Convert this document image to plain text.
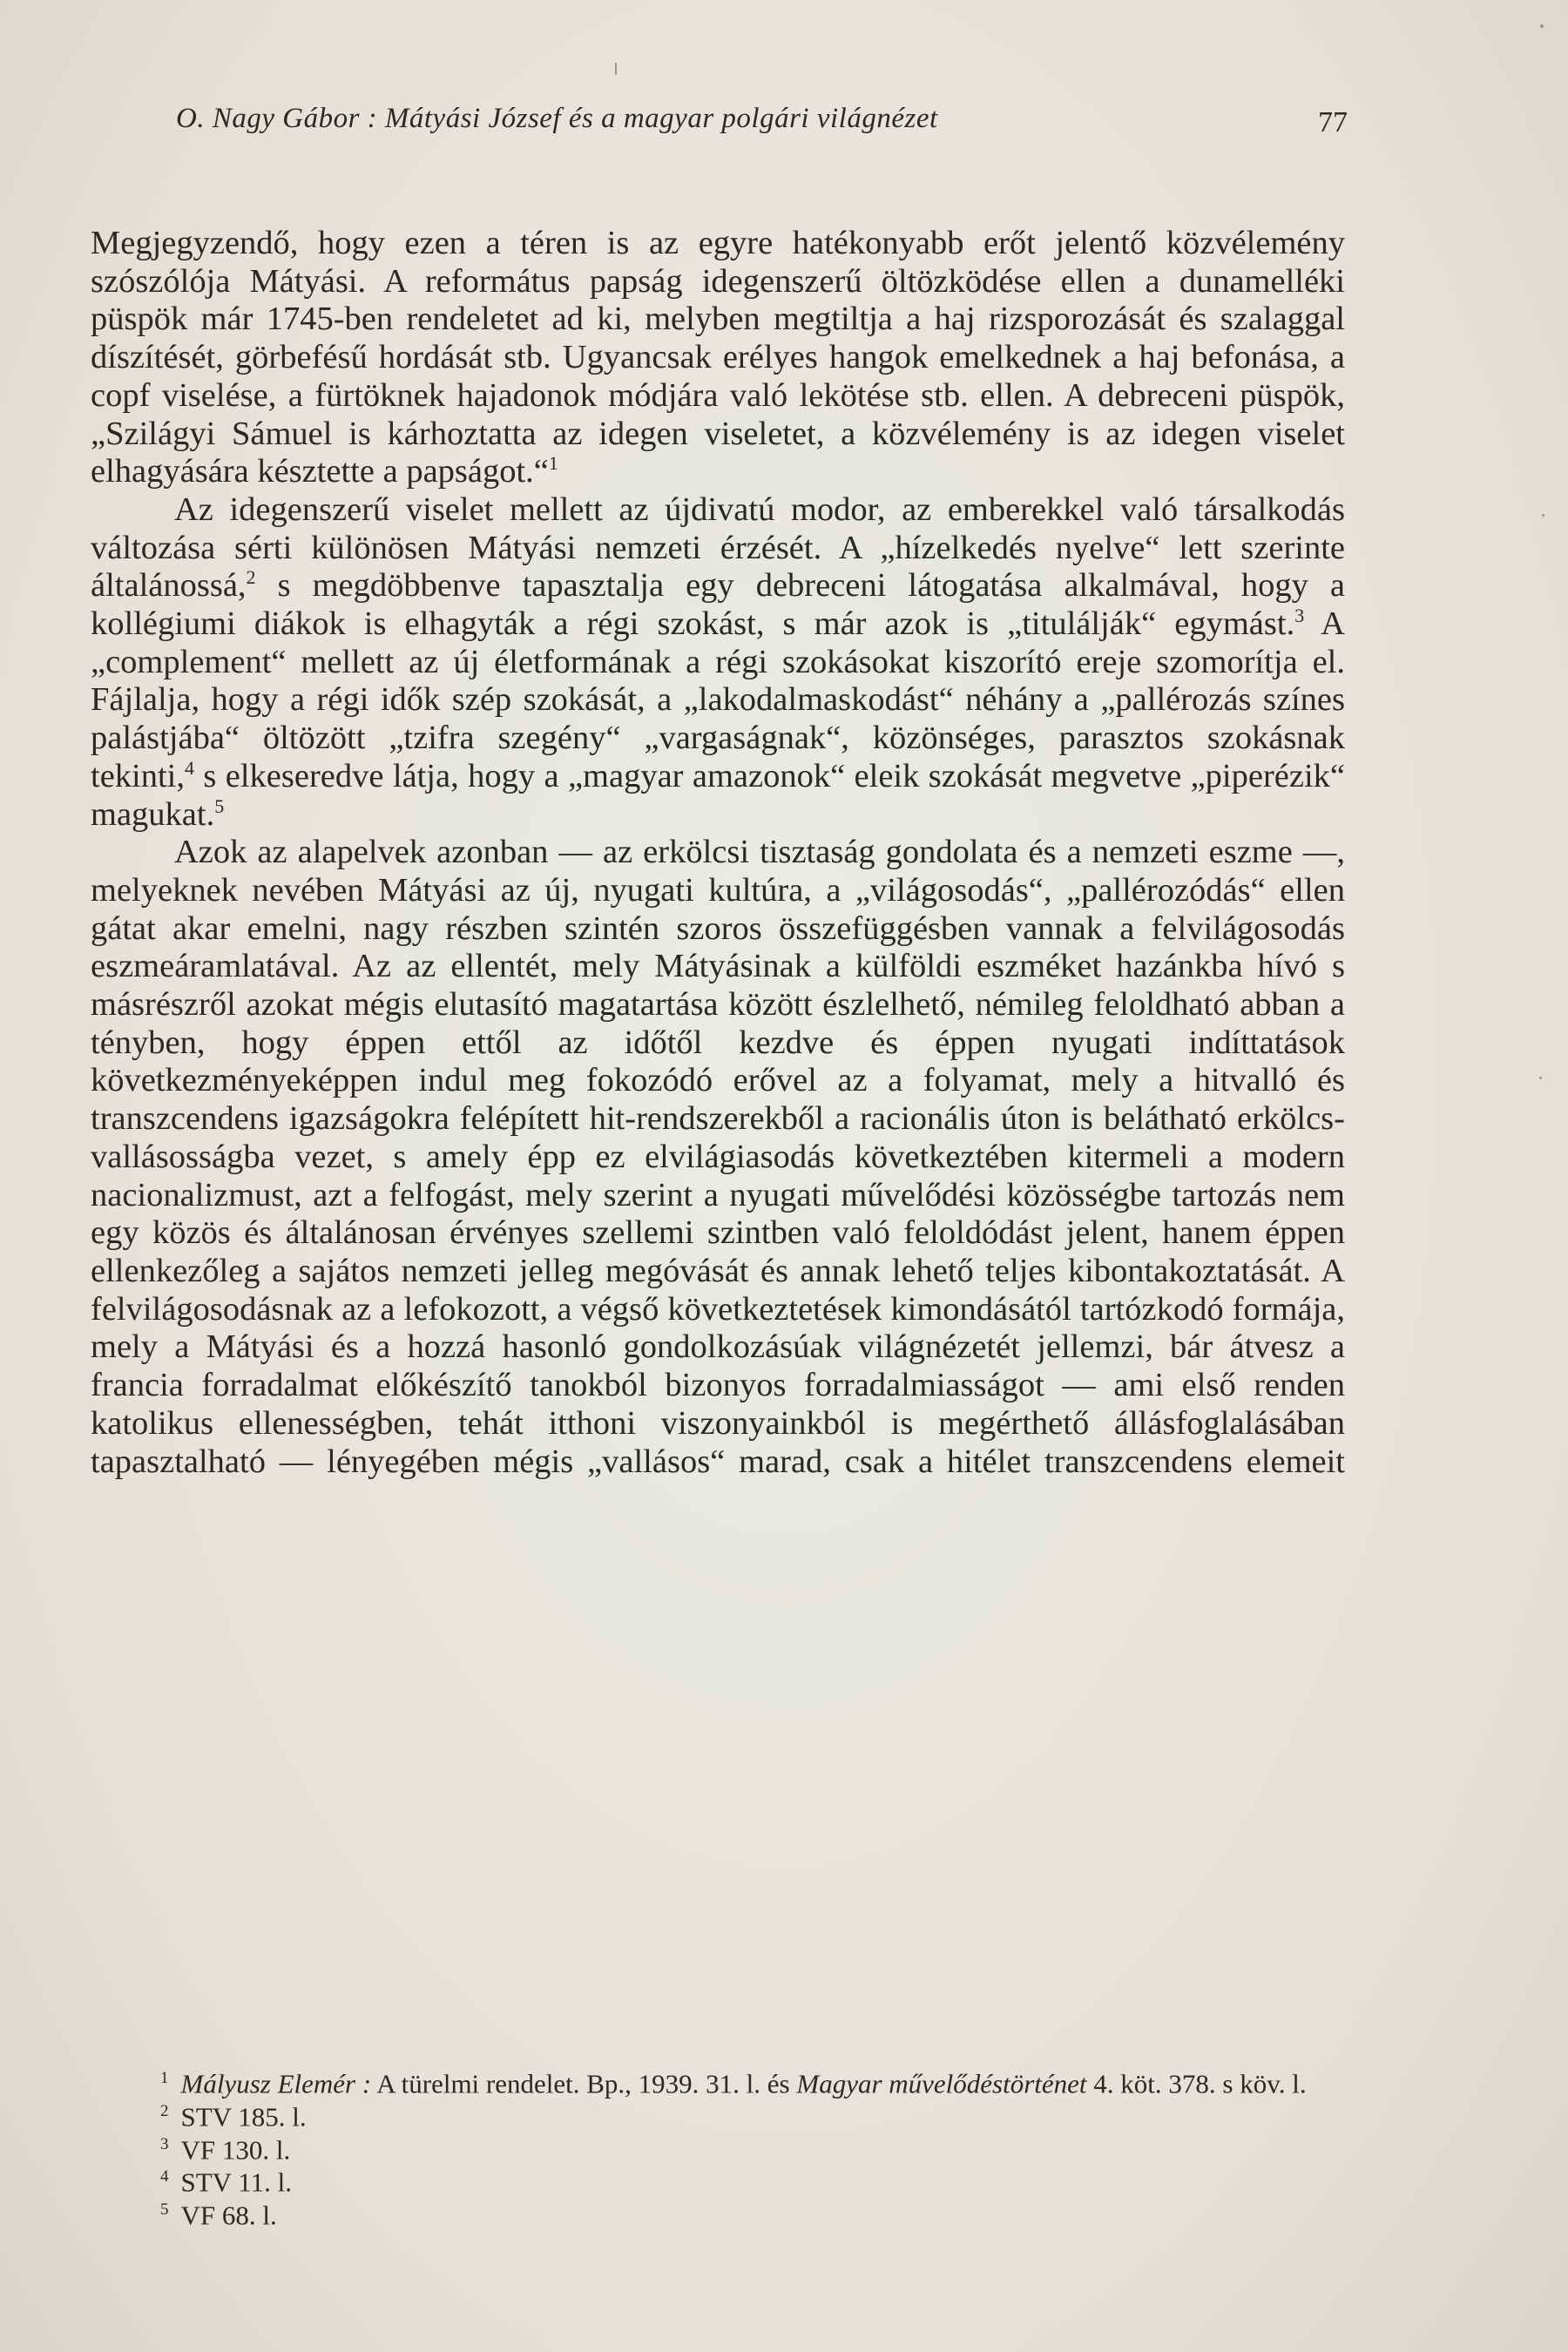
O. Nagy Gábor : Mátyási József és a magyar polgári világnézet	77

Megjegyzendő, hogy ezen a téren is az egyre hatékonyabb erőt jelentő közvélemény szószólója Mátyási. A református papság idegenszerű öltözködése ellen a dunamelléki püspök már 1745-ben rendeletet ad ki, melyben megtiltja a haj rizsporozását és szalaggal díszítését, görbefésű hordását stb. Ugyancsak erélyes hangok emelkednek a haj befonása, a copf viselése, a fürtöknek hajadonok módjára való lekötése stb. ellen. A debreceni püspök, „Szilágyi Sámuel is kárhoztatta az idegen viseletet, a közvélemény is az idegen viselet elhagyására késztette a papságot.“$^1$

Az idegenszerű viselet mellett az újdivatú modor, az emberekkel való társalkodás változása sérti különösen Mátyási nemzeti érzését. A „hízelkedés nyelve“ lett szerinte általánossá,$^2$ s megdöbbenve tapasztalja egy debreceni látogatása alkalmával, hogy a kollégiumi diákok is elhagyták a régi szokást, s már azok is „titulálják“ egymást.$^3$ A „complement“ mellett az új életformának a régi szokásokat kiszorító ereje szomorítja el. Fájlalja, hogy a régi idők szép szokását, a „lakodalmaskodást“ néhány a „pallérozás színes palástjába“ öltözött „tzifra szegény“ „vargaságnak“, közönséges, parasztos szokásnak tekinti,$^4$ s elkeseredve látja, hogy a „magyar amazonok“ eleik szokását megvetve „piperézik“ magukat.$^5$

Azok az alapelvek azonban — az erkölcsi tisztaság gondolata és a nemzeti eszme —, melyeknek nevében Mátyási az új, nyugati kultúra, a „világosodás“, „pallérozódás“ ellen gátat akar emelni, nagy részben szintén szoros összefüggésben vannak a felvilágosodás eszmeáramlatával. Az az ellentét, mely Mátyásinak a külföldi eszméket hazánkba hívó s másrészről azokat mégis elutasító magatartása között észlelhető, némileg feloldható abban a tényben, hogy éppen ettől az időtől kezdve és éppen nyugati indíttatások következményeképpen indul meg fokozódó erővel az a folyamat, mely a hitvalló és transzcendens igazságokra felépített hit-rendszerekből a racionális úton is belátható erkölcs-vallásosságba vezet, s amely épp ez elvilágiasodás következtében kitermeli a modern nacionalizmust, azt a felfogást, mely szerint a nyugati művelődési közösségbe tartozás nem egy közös és általánosan érvényes szellemi szintben való feloldódást jelent, hanem éppen ellenkezőleg a sajátos nemzeti jelleg megóvását és annak lehető teljes kibontakoztatását. A felvilágosodásnak az a lefokozott, a végső következtetések kimondásától tartózkodó formája, mely a Mátyási és a hozzá hasonló gondolkozásúak világnézetét jellemzi, bár átvesz a francia forradalmat előkészítő tanokból bizonyos forradalmiasságot — ami első renden katolikus ellenességben, tehát itthoni viszonyainkból is megérthető állásfoglalásában tapasztalható — lényegében mégis „vallásos“ marad, csak a hitélet transzcendens elemeit

$^1$ Mályusz Elemér : A türelmi rendelet. Bp., 1939. 31. l. és Magyar művelődéstörténet 4. köt. 378. s köv. l.

$^2$ STV 185. l.

$^3$ VF 130. l.

$^4$ STV 11. l.

$^5$ VF 68. l.
